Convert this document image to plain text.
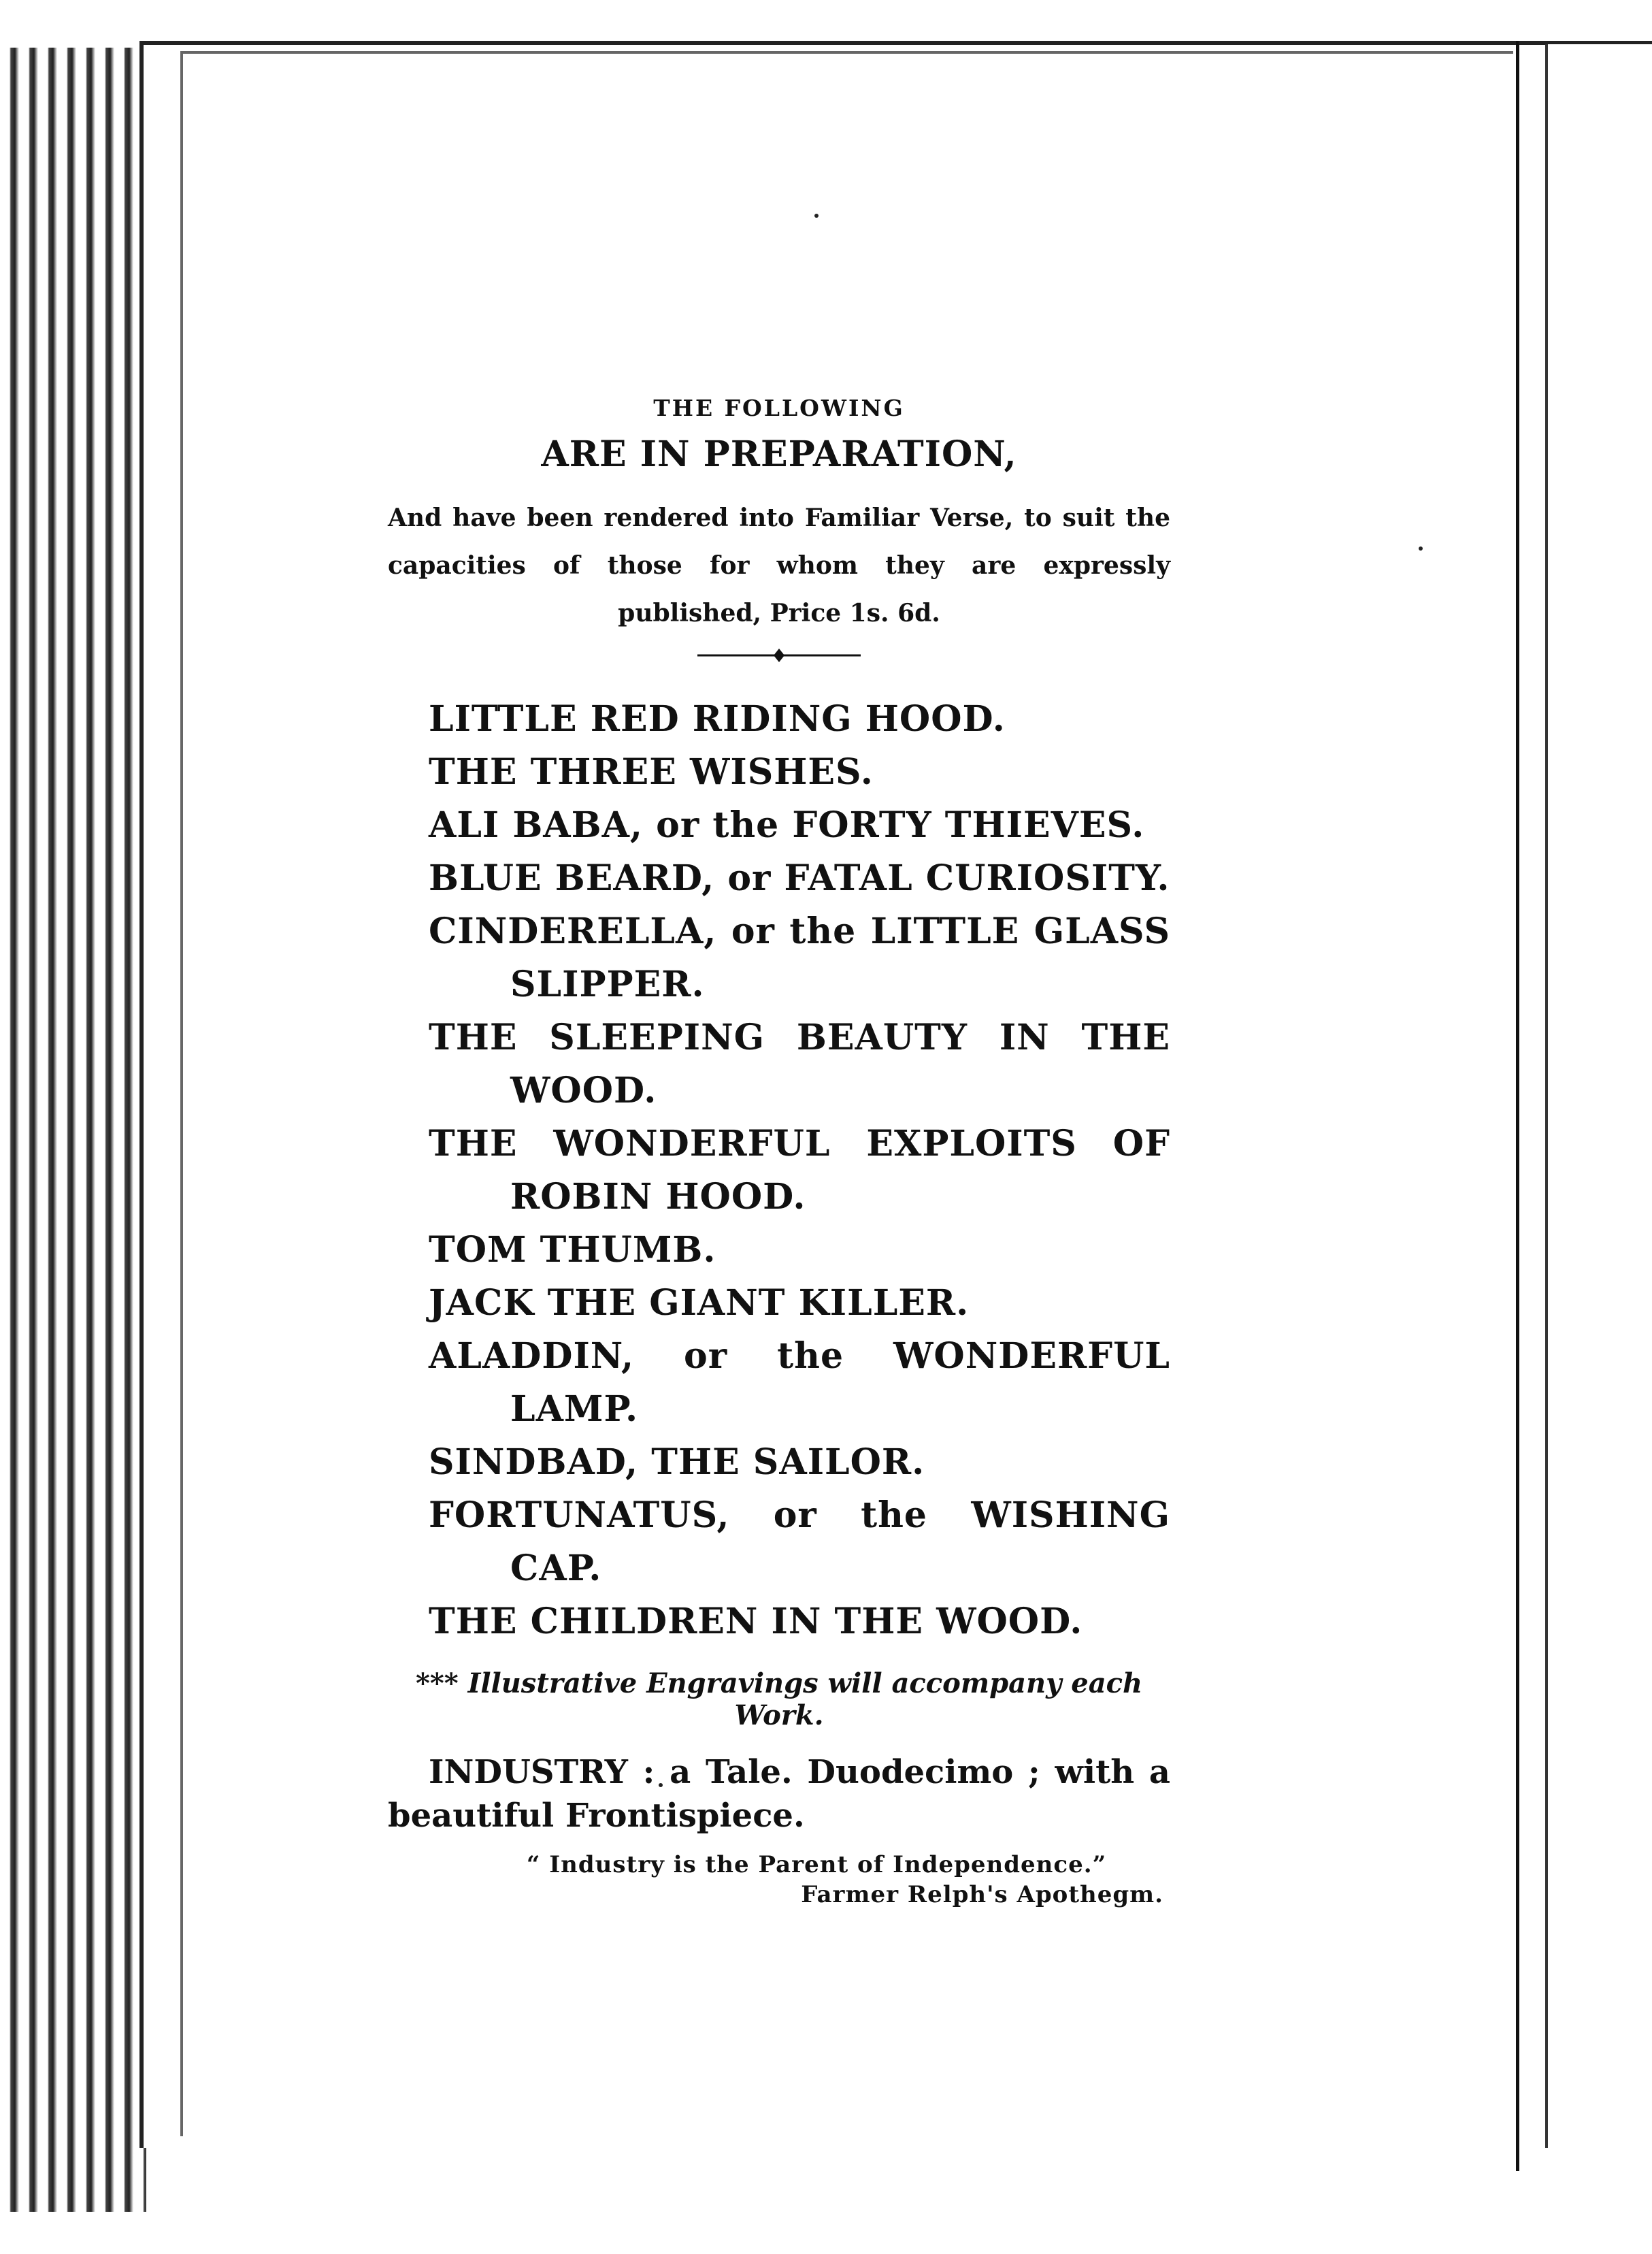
THE FOLLOWING

ARE IN PREPARATION,

And have been rendered into Familiar Verse, to suit the capacities of those for whom they are expressly published, Price 1s. 6d.

LITTLE RED RIDING HOOD.
THE THREE WISHES.
ALI BABA, or the FORTY THIEVES.
BLUE BEARD, or FATAL CURIOSITY.
CINDERELLA, or the LITTLE GLASS SLIPPER.
THE SLEEPING BEAUTY IN THE WOOD.
THE WONDERFUL EXPLOITS OF ROBIN HOOD.
TOM THUMB.
JACK THE GIANT KILLER.
ALADDIN, or the WONDERFUL LAMP.
SINDBAD, THE SAILOR.
FORTUNATUS, or the WISHING CAP.
THE CHILDREN IN THE WOOD.

*** Illustrative Engravings will accompany each Work.

INDUSTRY : a Tale. Duodecimo ; with a beautiful Frontispiece.

“ Industry is the Parent of Independence.”

Farmer Relph's Apothegm.
